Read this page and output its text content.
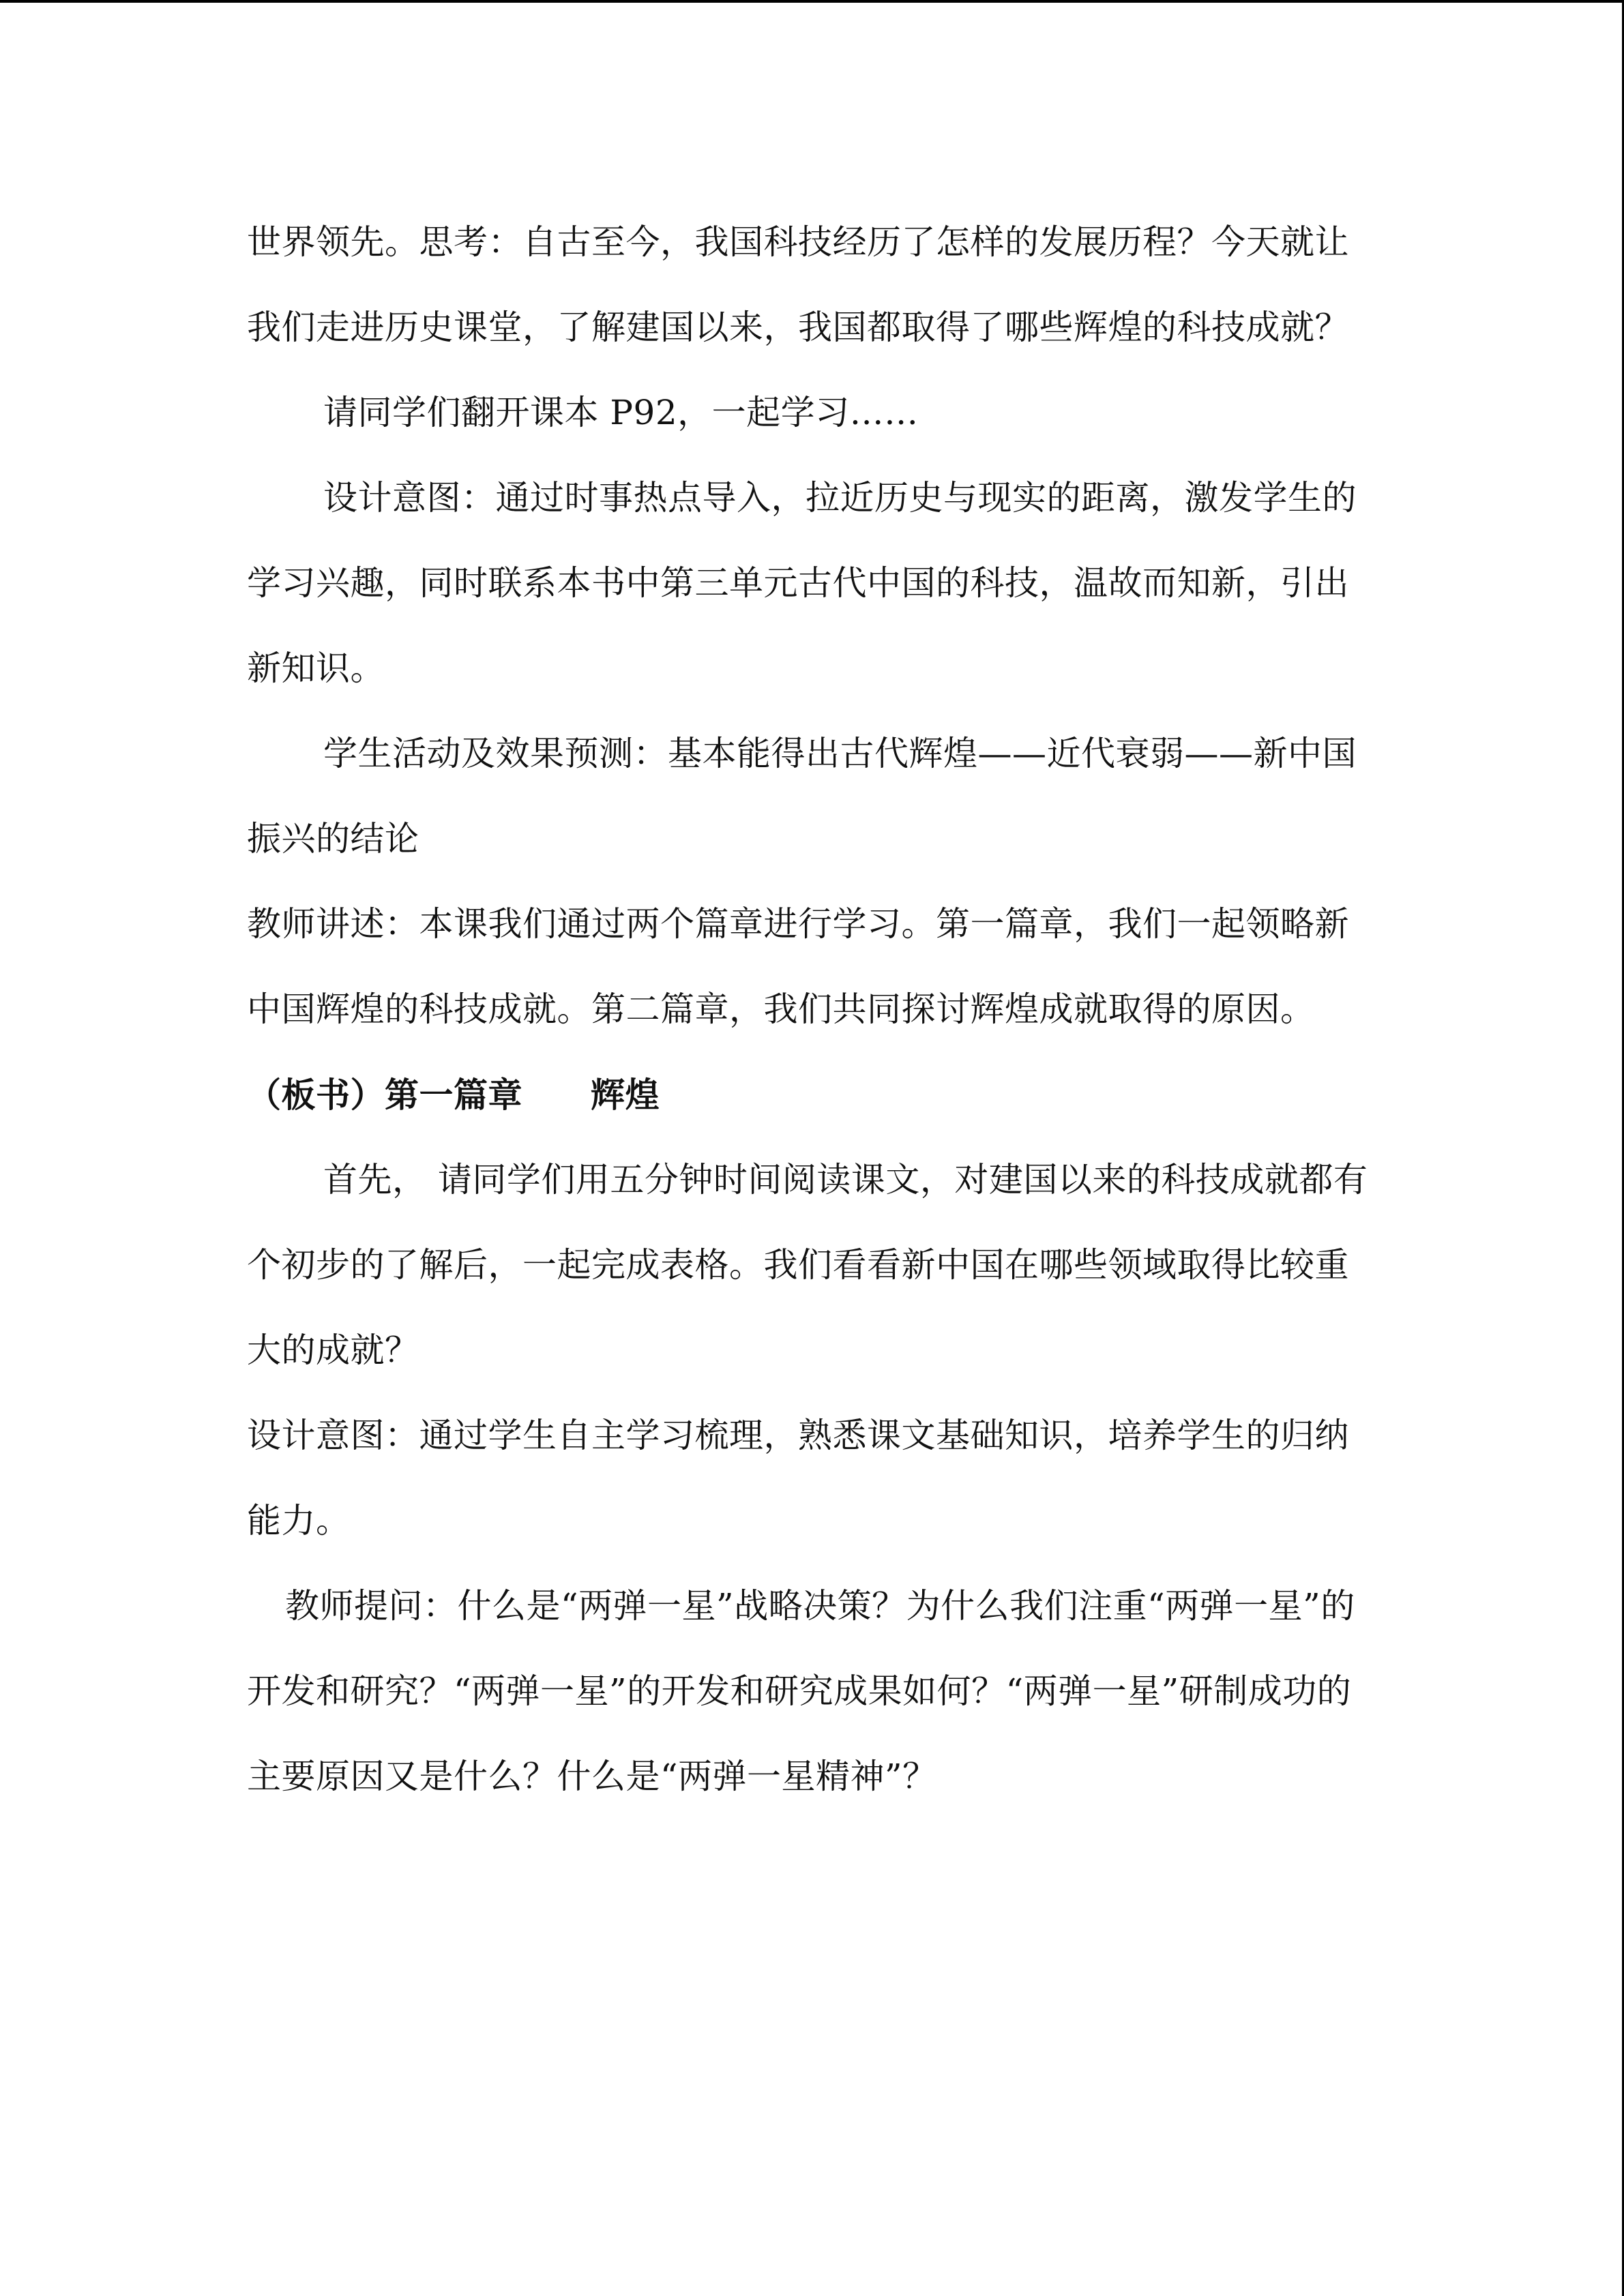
世界领先。思考：自古至今，我国科技经历了怎样的发展历程？今天就让我们走进历史课堂，了解建国以来，我国都取得了哪些辉煌的科技成就？

请同学们翻开课本 P92，一起学习……

设计意图：通过时事热点导入，拉近历史与现实的距离，激发学生的学习兴趣，同时联系本书中第三单元古代中国的科技，温故而知新，引出新知识。

学生活动及效果预测：基本能得出古代辉煌——近代衰弱——新中国振兴的结论

教师讲述：本课我们通过两个篇章进行学习。第一篇章，我们一起领略新中国辉煌的科技成就。第二篇章，我们共同探讨辉煌成就取得的原因。

（板书）第一篇章 辉煌

首先， 请同学们用五分钟时间阅读课文，对建国以来的科技成就都有个初步的了解后，一起完成表格。我们看看新中国在哪些领域取得比较重大的成就？

设计意图：通过学生自主学习梳理，熟悉课文基础知识，培养学生的归纳能力。

教师提问：什么是“两弹一星”战略决策？为什么我们注重“两弹一星”的开发和研究？“两弹一星”的开发和研究成果如何？“两弹一星”研制成功的主要原因又是什么？什么是“两弹一星精神”？
